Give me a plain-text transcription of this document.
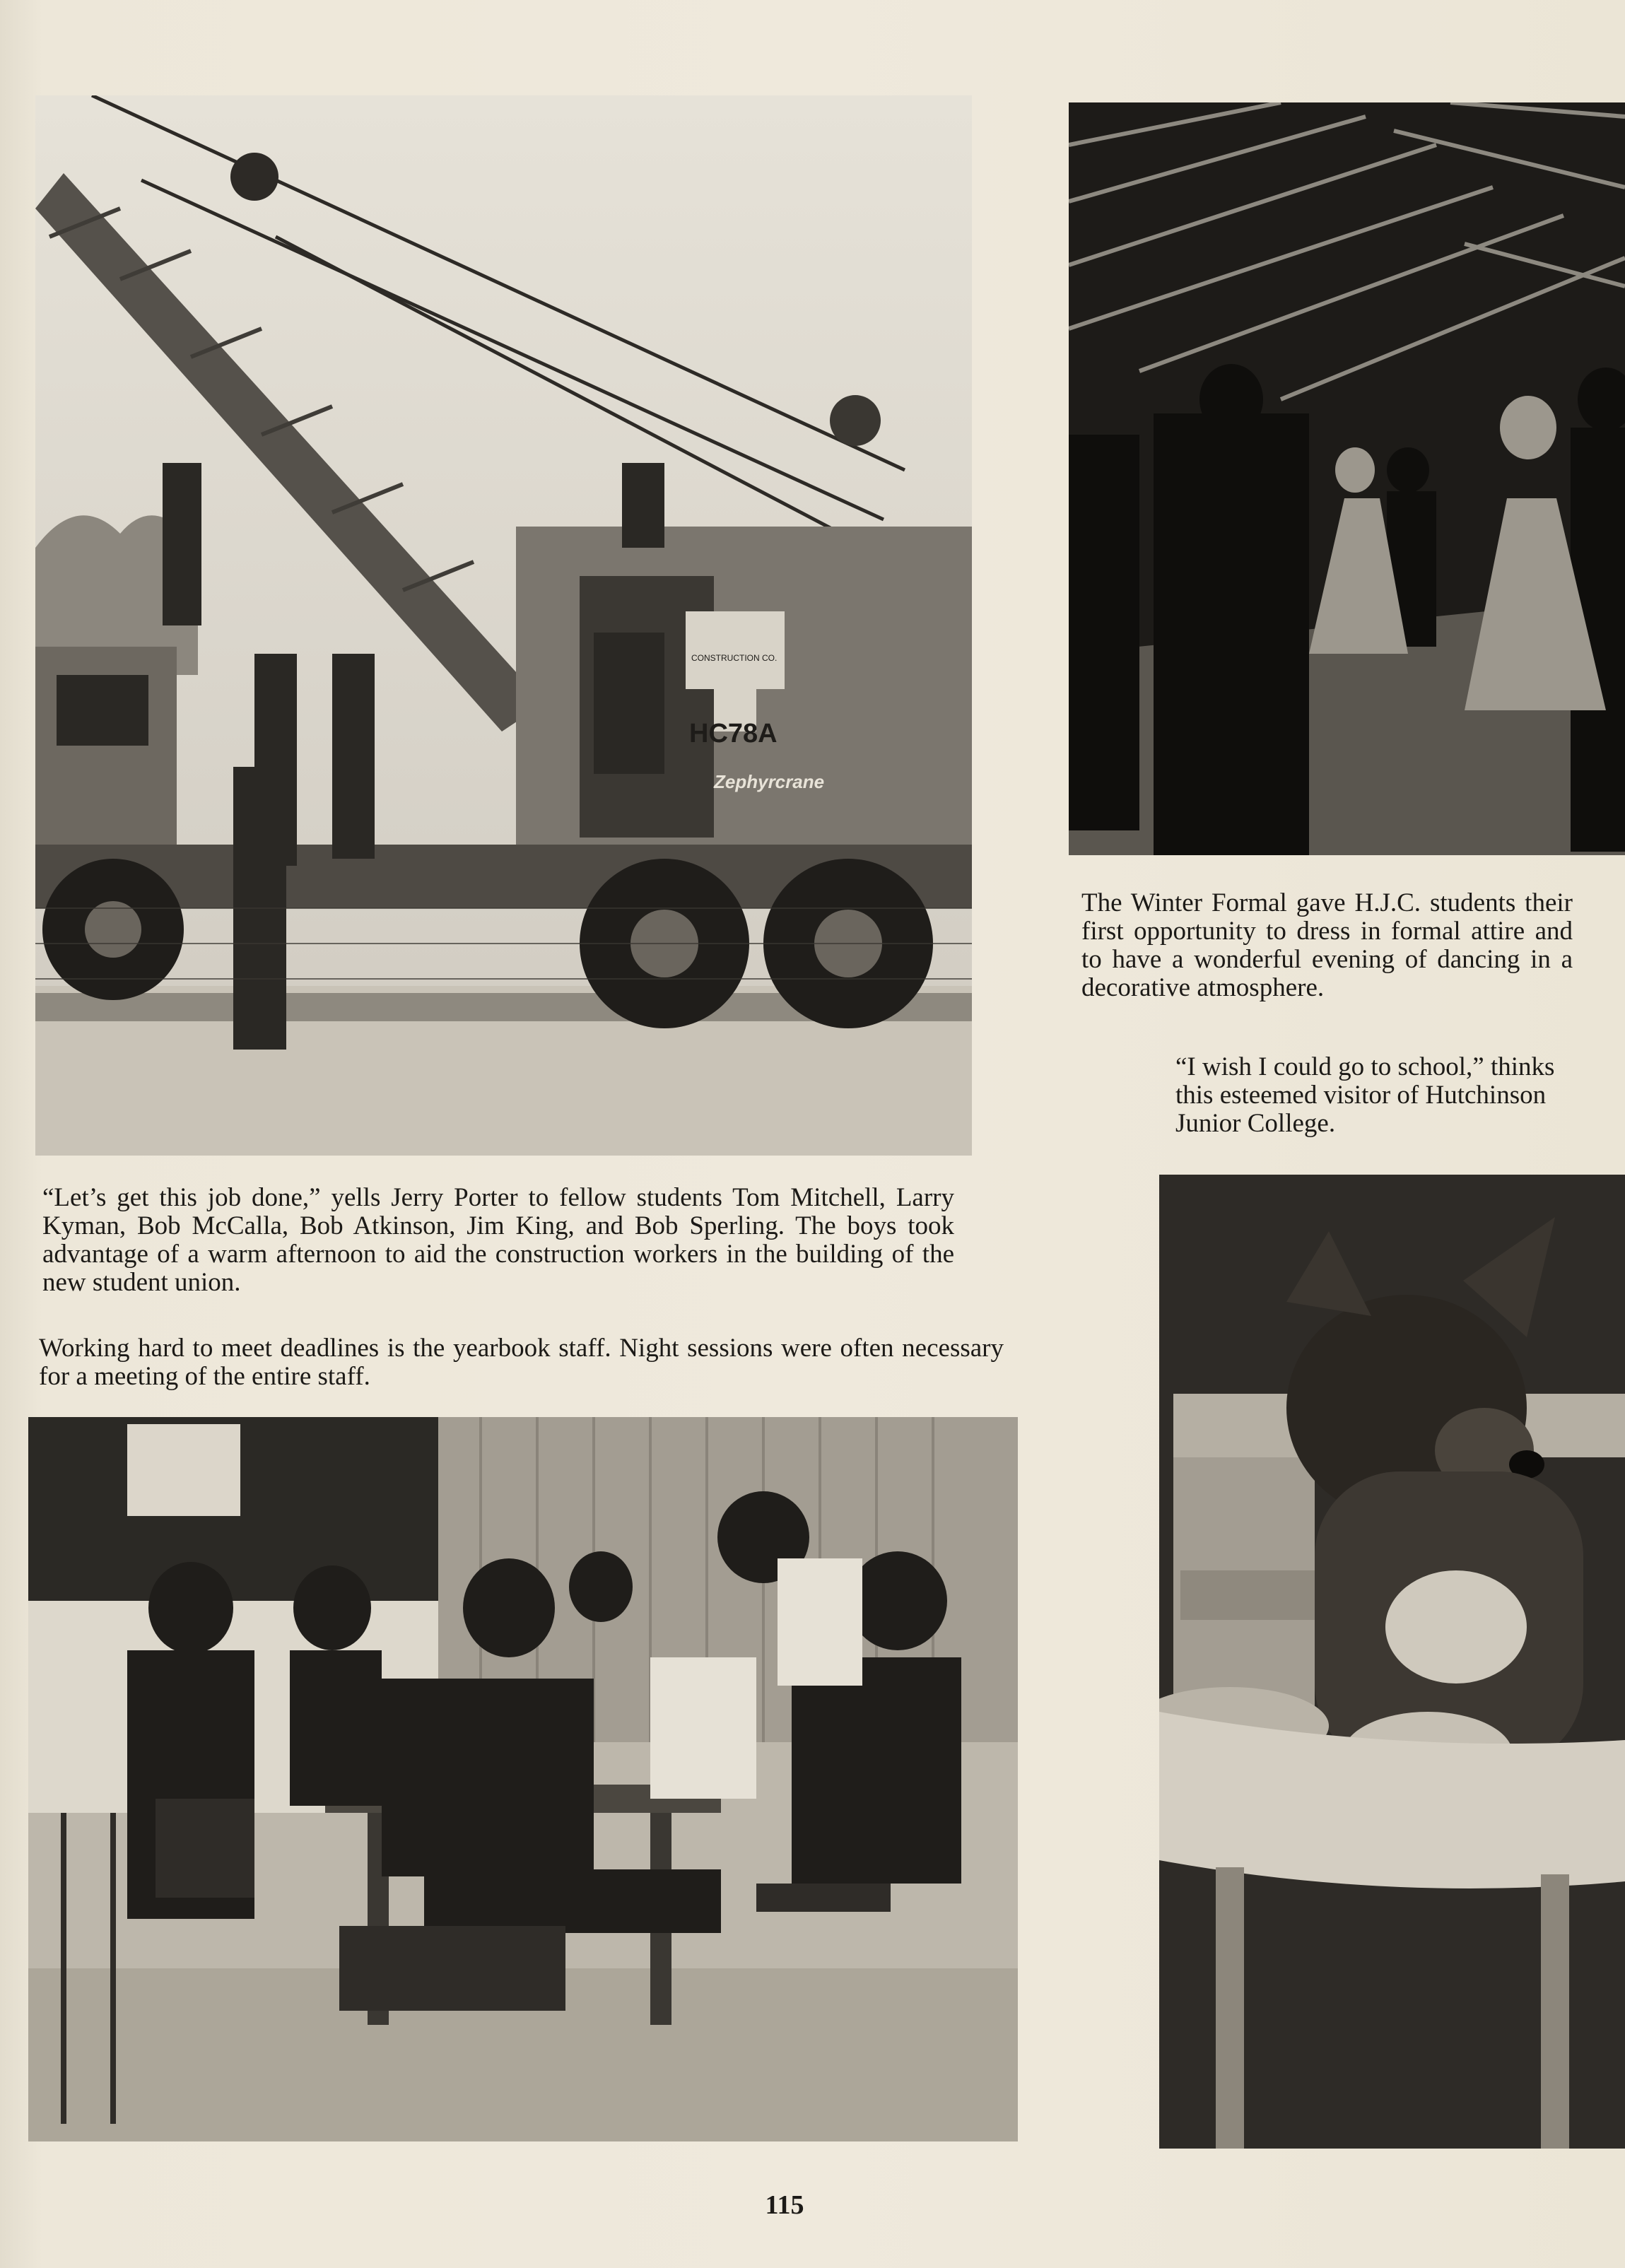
HC78A
Zephyrcrane
CONSTRUCTION CO.

“Let’s get this job done,” yells Jerry Porter to fellow students Tom Mitchell, Larry Kyman, Bob McCalla, Bob Atkinson, Jim King, and Bob Sperling. The boys took advantage of a warm afternoon to aid the construction workers in the building of the new student union.

Working hard to meet deadlines is the yearbook staff. Night sessions were often necessary for a meeting of the entire staff.

The Winter Formal gave H.J.C. students their first opportunity to dress in formal attire and to have a wonderful evening of dancing in a decorative atmosphere.

“I wish I could go to school,” thinks this esteemed visitor of Hutchinson Junior College.

115
